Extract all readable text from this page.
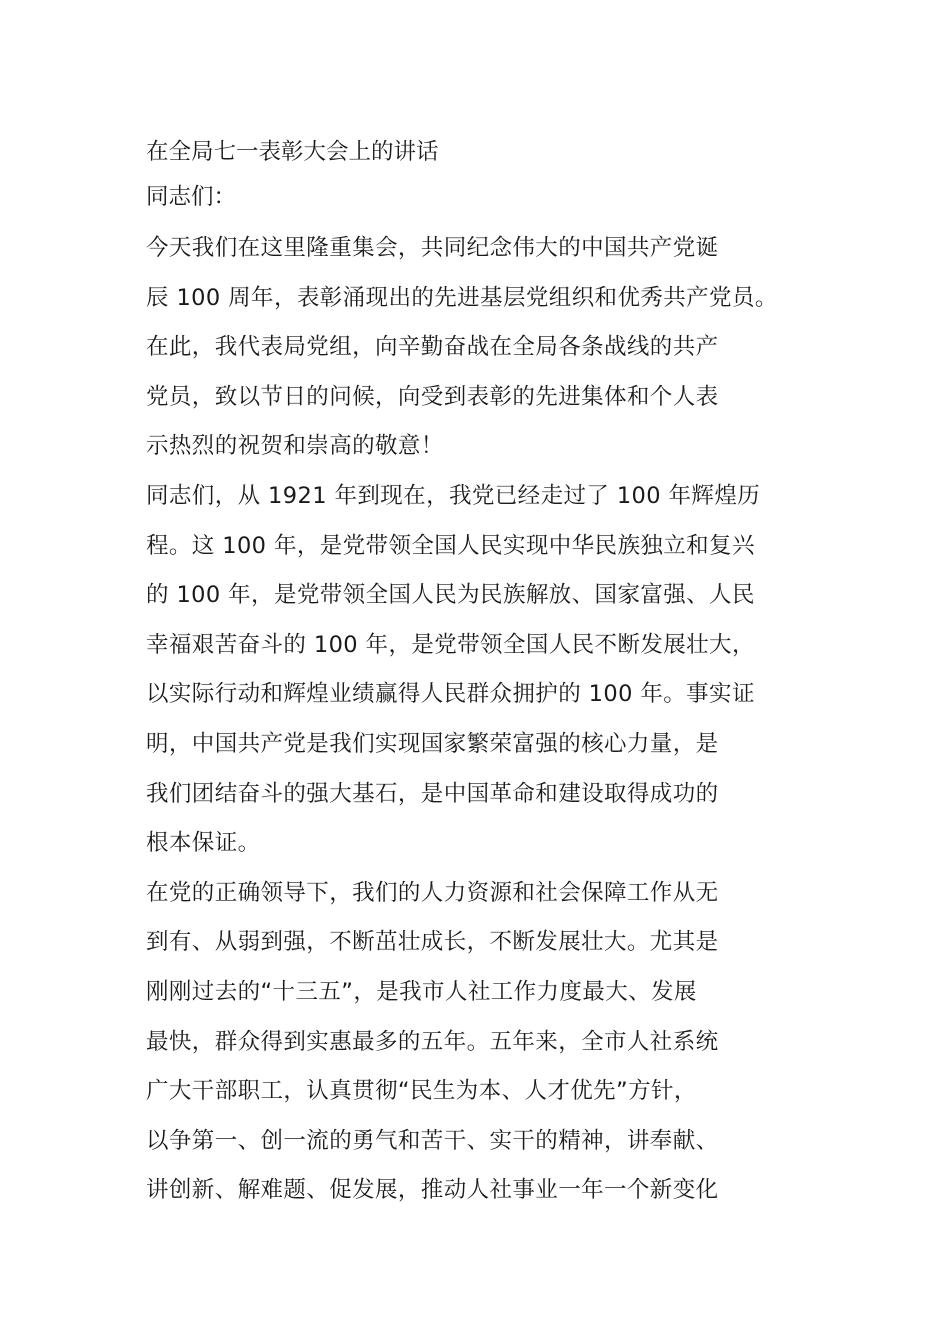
在全局七一表彰大会上的讲话
同志们：
今天我们在这里隆重集会，共同纪念伟大的中国共产党诞
辰 100 周年，表彰涌现出的先进基层党组织和优秀共产党员。
在此，我代表局党组，向辛勤奋战在全局各条战线的共产
党员，致以节日的问候，向受到表彰的先进集体和个人表
示热烈的祝贺和崇高的敬意！
同志们，从 1921 年到现在，我党已经走过了 100 年辉煌历
程。这 100 年，是党带领全国人民实现中华民族独立和复兴
的 100 年，是党带领全国人民为民族解放、国家富强、人民
幸福艰苦奋斗的 100 年，是党带领全国人民不断发展壮大，
以实际行动和辉煌业绩赢得人民群众拥护的 100 年。事实证
明，中国共产党是我们实现国家繁荣富强的核心力量，是
我们团结奋斗的强大基石，是中国革命和建设取得成功的
根本保证。
在党的正确领导下，我们的人力资源和社会保障工作从无
到有、从弱到强，不断茁壮成长，不断发展壮大。尤其是
刚刚过去的“十三五”，是我市人社工作力度最大、发展
最快，群众得到实惠最多的五年。五年来，全市人社系统
广大干部职工，认真贯彻“民生为本、人才优先”方针，
以争第一、创一流的勇气和苦干、实干的精神，讲奉献、
讲创新、解难题、促发展，推动人社事业一年一个新变化
